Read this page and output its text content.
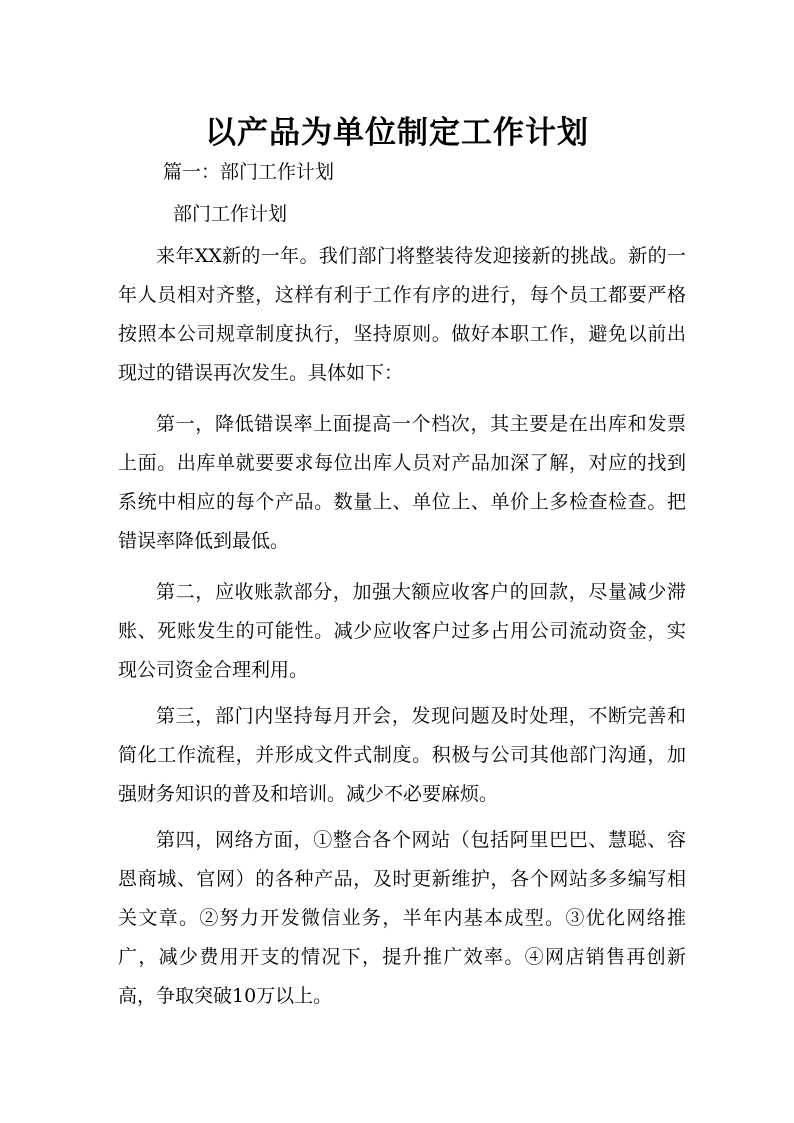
以产品为单位制定工作计划
篇一：部门工作计划
部门工作计划

来年XX新的一年。我们部门将整装待发迎接新的挑战。新的一年人员相对齐整，这样有利于工作有序的进行，每个员工都要严格按照本公司规章制度执行，坚持原则。做好本职工作，避免以前出现过的错误再次发生。具体如下：

第一，降低错误率上面提高一个档次，其主要是在出库和发票上面。出库单就要要求每位出库人员对产品加深了解，对应的找到系统中相应的每个产品。数量上、单位上、单价上多检查检查。把错误率降低到最低。

第二，应收账款部分，加强大额应收客户的回款，尽量减少滞账、死账发生的可能性。减少应收客户过多占用公司流动资金，实现公司资金合理利用。

第三，部门内坚持每月开会，发现问题及时处理，不断完善和简化工作流程，并形成文件式制度。积极与公司其他部门沟通，加强财务知识的普及和培训。减少不必要麻烦。

第四，网络方面，①整合各个网站（包括阿里巴巴、慧聪、容恩商城、官网）的各种产品，及时更新维护，各个网站多多编写相关文章。②努力开发微信业务，半年内基本成型。③优化网络推广，减少费用开支的情况下，提升推广效率。④网店销售再创新高，争取突破10万以上。
